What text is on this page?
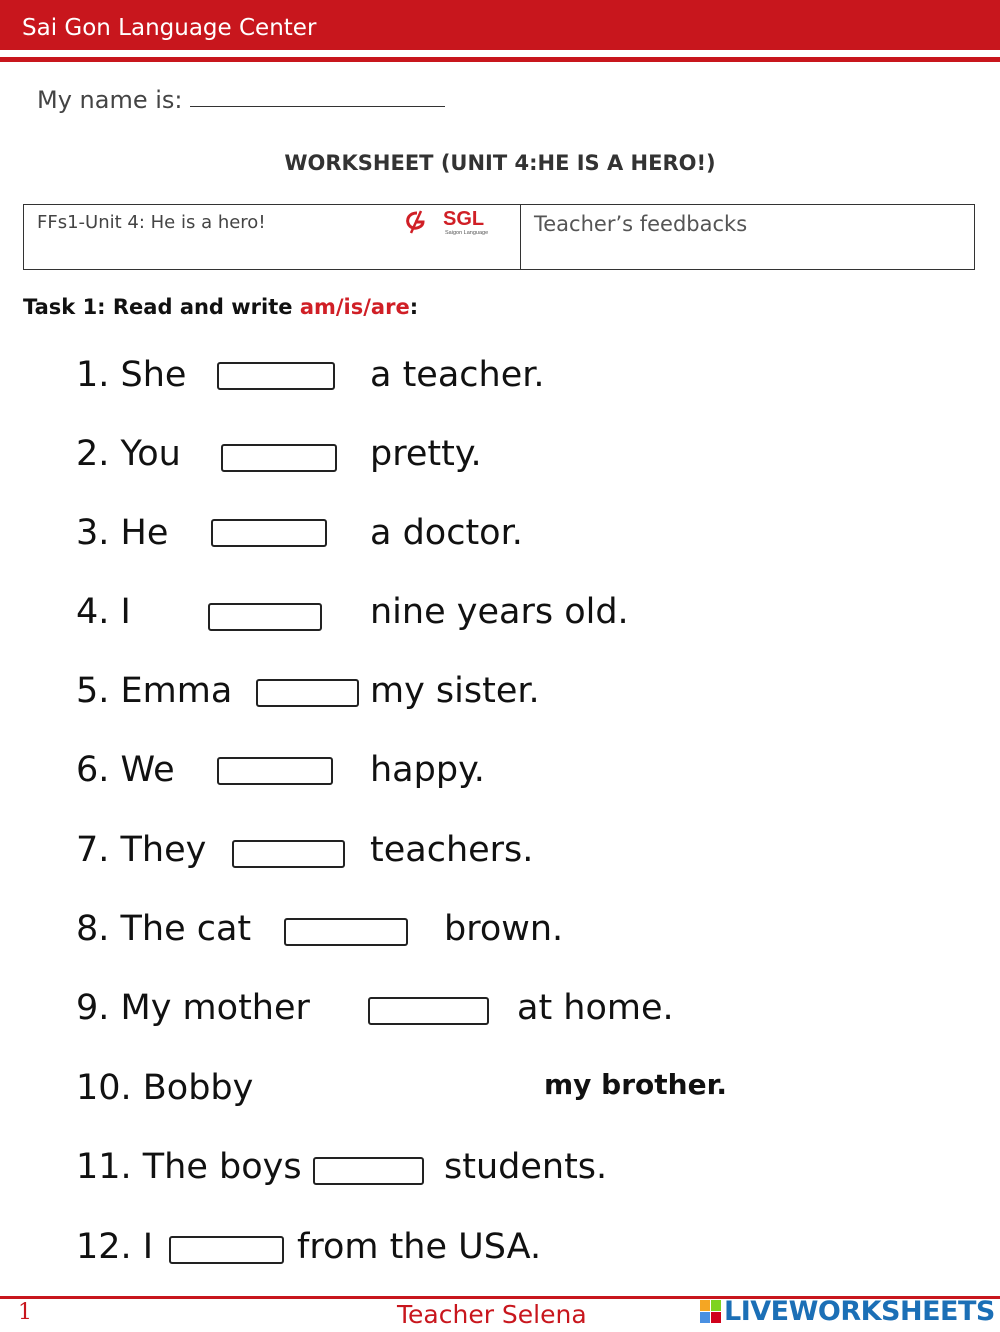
Sai Gon Language Center
My name is:
WORKSHEET (UNIT 4:HE IS A HERO!)
FFs1-Unit 4: He is a hero!	SGL
Saigon Language Teacher’s feedbacks
Task 1: Read and write am/is/are:
1. She	a teacher.
2. You	pretty.
3. He	a doctor.
4. I	nine years old.
5. Emma	my sister.
6. We	happy.
7. They	teachers.
8. The cat	brown.
9. My mother	at home.
10. Bobby	my brother.
11. The boys	students.
12. I	from the USA.
1	Teacher Selena	LIVEWORKSHEETS
